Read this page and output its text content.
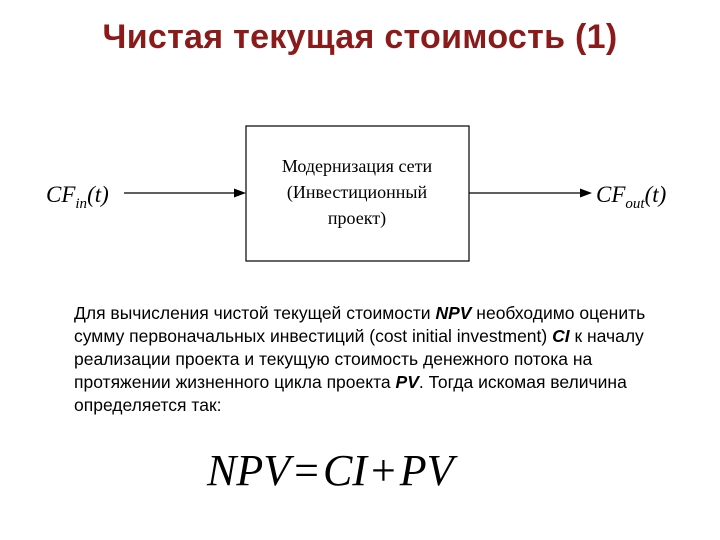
Чистая текущая стоимость (1)
$CF_{in}(t)$
Модернизация сети
(Инвестиционный
проект)
$CF_{out}(t)$
Для вычисления чистой текущей стоимости NPV необходимо оценить сумму первоначальных инвестиций (cost initial investment) CI к началу реализации проекта и текущую стоимость денежного потока на протяжении жизненного цикла проекта PV. Тогда искомая величина определяется так:
NPV=CI+PV
